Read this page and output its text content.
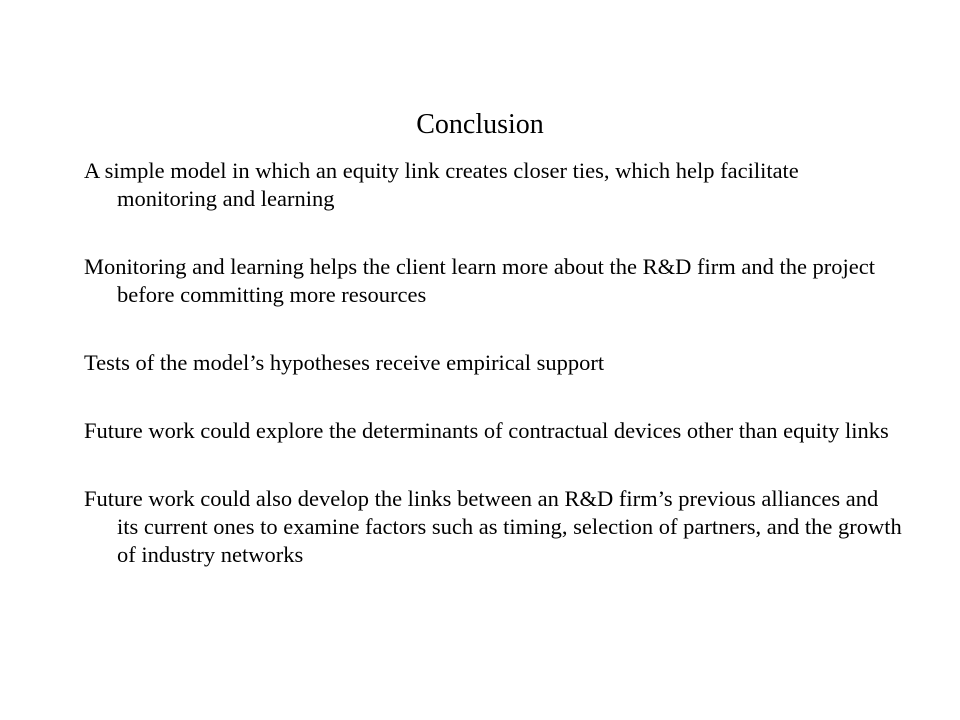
Conclusion
A simple model in which an equity link creates closer ties, which help facilitate monitoring and learning
Monitoring and learning helps the client learn more about the R&D firm and the project before committing more resources
Tests of the model’s hypotheses receive empirical support
Future work could explore the determinants of contractual devices other than equity links
Future work could also develop the links between an R&D firm’s previous alliances and its current ones to examine factors such as timing, selection of partners, and the growth of industry networks
